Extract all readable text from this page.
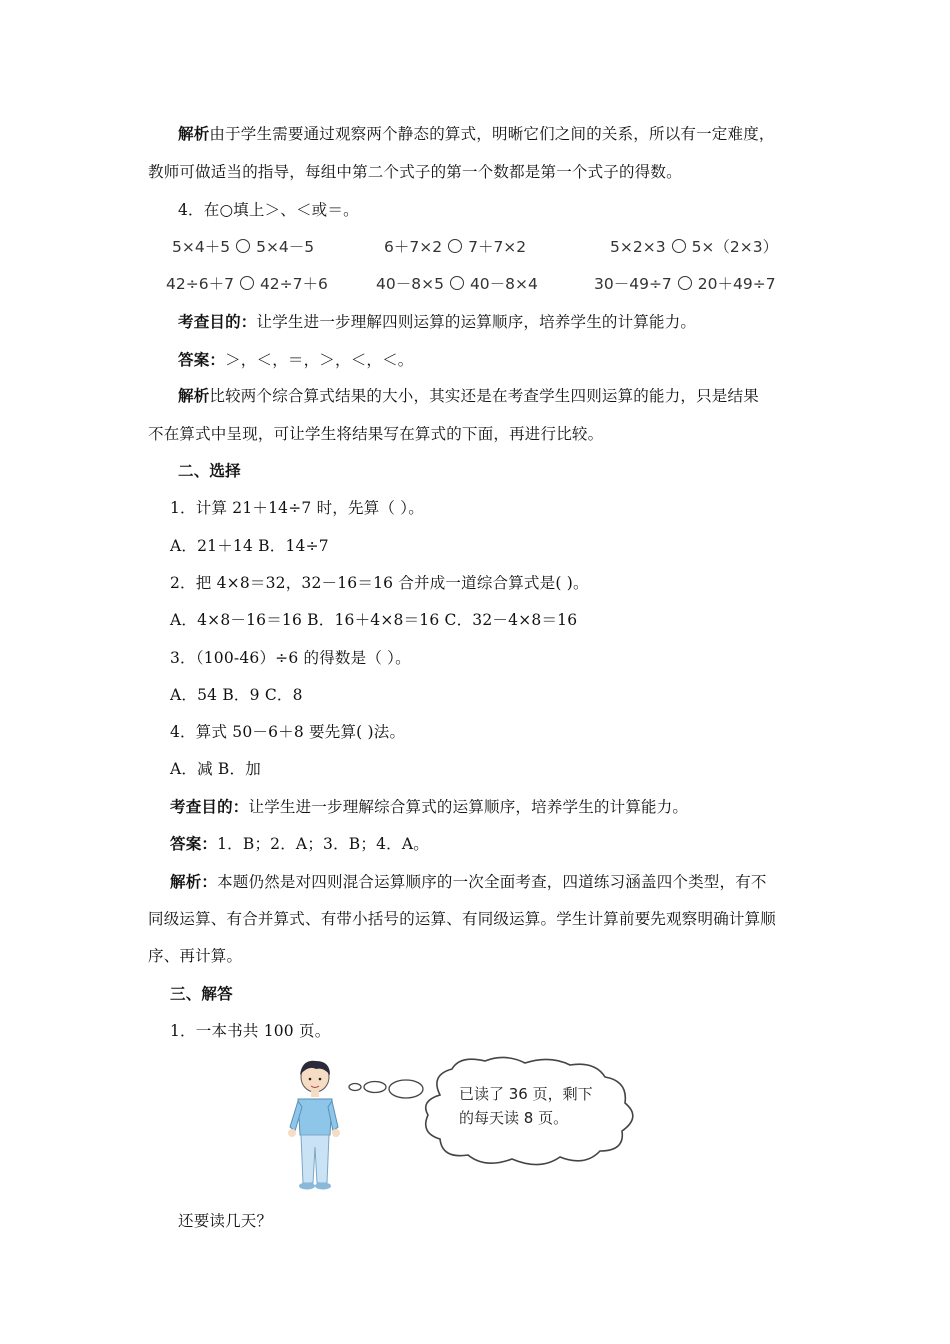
解析由于学生需要通过观察两个静态的算式，明晰它们之间的关系，所以有一定难度，
教师可做适当的指导，每组中第二个式子的第一个数都是第一个式子的得数。
4．在○填上＞、＜或＝。
5×4＋5 5×4－5	6＋7×2 7＋7×2	5×2×3 5×（2×3）
42÷6＋7 42÷7＋6	40－8×5 40－8×4	30－49÷7 20＋49÷7
考查目的：让学生进一步理解四则运算的运算顺序，培养学生的计算能力。
答案：＞，＜，＝，＞，＜，＜。
解析比较两个综合算式结果的大小，其实还是在考查学生四则运算的能力，只是结果
不在算式中呈现，可让学生将结果写在算式的下面，再进行比较。
二、选择
1．计算 21＋14÷7 时，先算（ ）。
A．21＋14 B．14÷7
2．把 4×8＝32，32－16＝16 合并成一道综合算式是( )。
A．4×8－16＝16 B．16＋4×8＝16 C．32－4×8＝16
3．（100-46）÷6 的得数是（ ）。
A．54 B．9 C．8
4．算式 50－6＋8 要先算( )法。
A．减 B．加
考查目的：让学生进一步理解综合算式的运算顺序，培养学生的计算能力。
答案：1．B；2．A；3．B；4．A。
解析：本题仍然是对四则混合运算顺序的一次全面考查，四道练习涵盖四个类型，有不
同级运算、有合并算式、有带小括号的运算、有同级运算。学生计算前要先观察明确计算顺
序、再计算。
三、解答
1．一本书共 100 页。
已读了 36 页，剩下
的每天读 8 页。
还要读几天？
